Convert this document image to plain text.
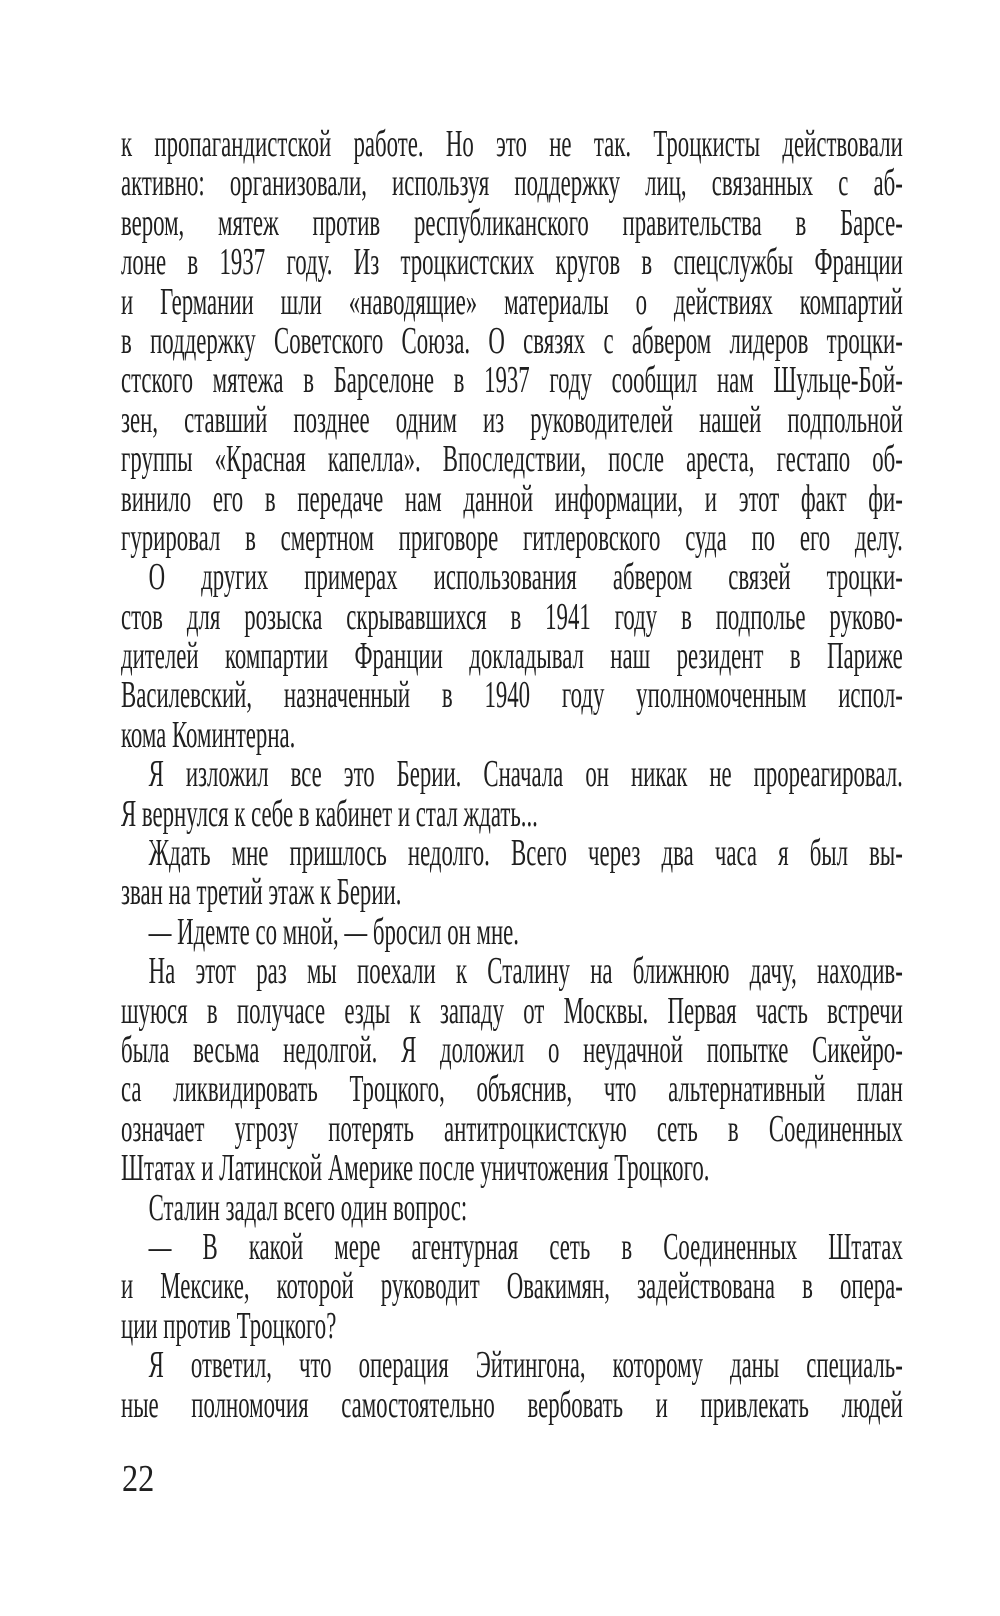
к пропагандистской работе. Но это не так. Троцкисты действовали
активно: организовали, используя поддержку лиц, связанных с аб-
вером, мятеж против республиканского правительства в Барсе-
лоне в 1937 году. Из троцкистских кругов в спецслужбы Франции
и Германии шли «наводящие» материалы о действиях компартий
в поддержку Советского Союза. О связях с абвером лидеров троцки-
стского мятежа в Барселоне в 1937 году сообщил нам Шульце-Бой-
зен, ставший позднее одним из руководителей нашей подпольной
группы «Красная капелла». Впоследствии, после ареста, гестапо об-
винило его в передаче нам данной информации, и этот факт фи-
гурировал в смертном приговоре гитлеровского суда по его делу.
О других примерах использования абвером связей троцки-
стов для розыска скрывавшихся в 1941 году в подполье руково-
дителей компартии Франции докладывал наш резидент в Париже
Василевский, назначенный в 1940 году уполномоченным испол-
кома Коминтерна.
Я изложил все это Берии. Сначала он никак не прореагировал.
Я вернулся к себе в кабинет и стал ждать...
Ждать мне пришлось недолго. Всего через два часа я был вы-
зван на третий этаж к Берии.
— Идемте со мной, — бросил он мне.
На этот раз мы поехали к Сталину на ближнюю дачу, находив-
шуюся в получасе езды к западу от Москвы. Первая часть встречи
была весьма недолгой. Я доложил о неудачной попытке Сикейро-
са ликвидировать Троцкого, объяснив, что альтернативный план
означает угрозу потерять антитроцкистскую сеть в Соединенных
Штатах и Латинской Америке после уничтожения Троцкого.
Сталин задал всего один вопрос:
— В какой мере агентурная сеть в Соединенных Штатах
и Мексике, которой руководит Овакимян, задействована в опера-
ции против Троцкого?
Я ответил, что операция Эйтингона, которому даны специаль-
ные полномочия самостоятельно вербовать и привлекать людей
22
